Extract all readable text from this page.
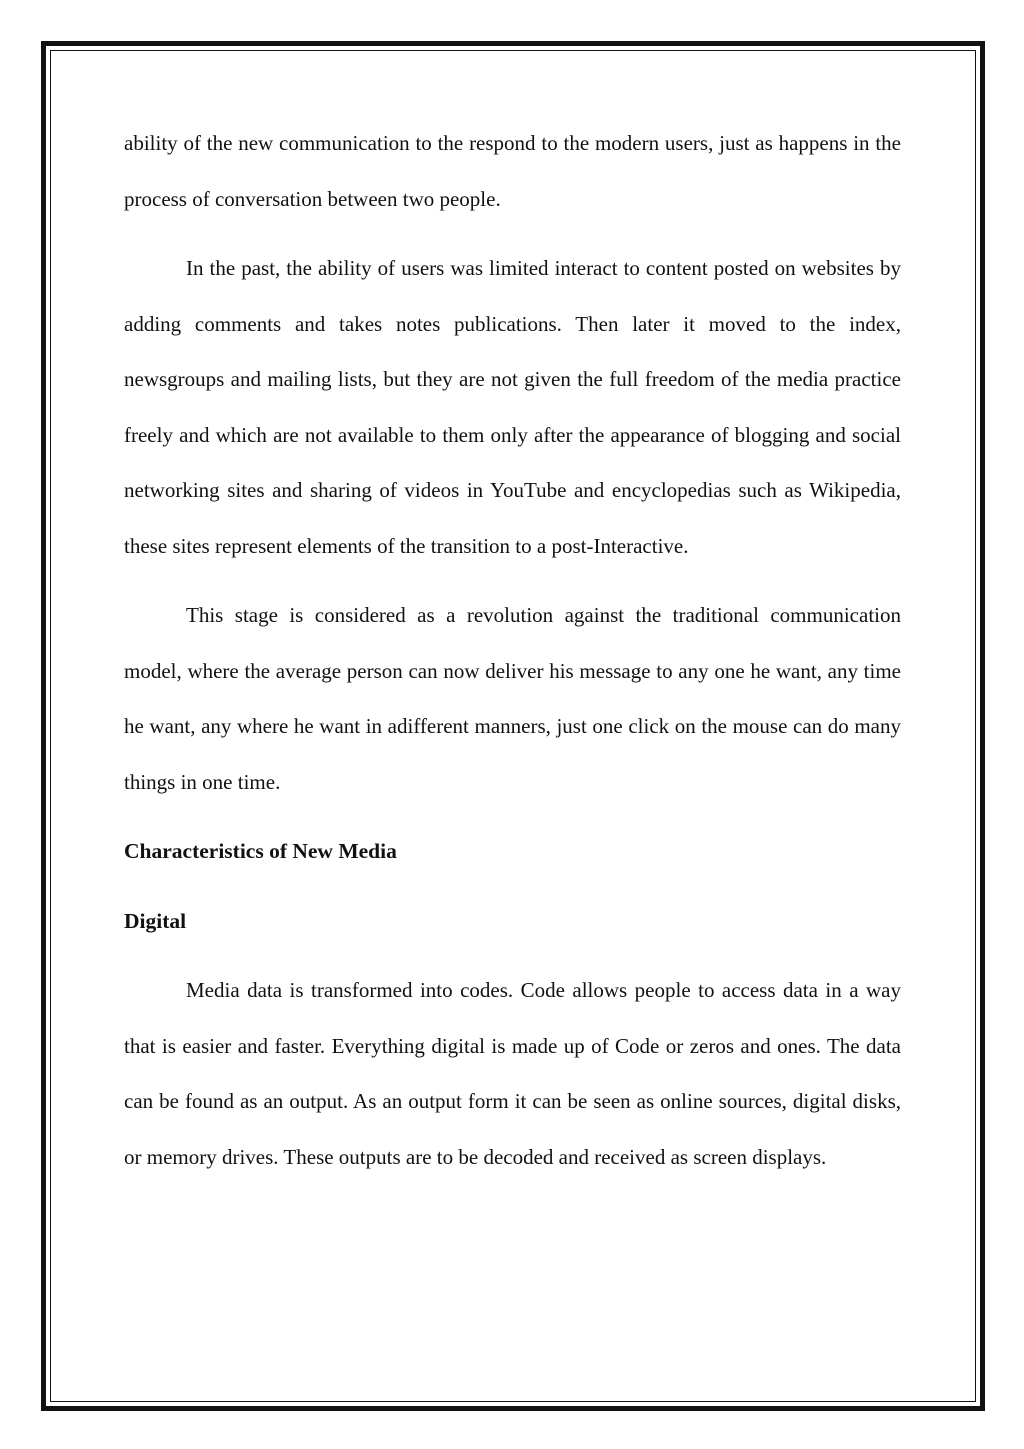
ability of the new communication to the respond to the modern users, just as happens in the process of conversation between two people.

In the past, the ability of users was limited interact to content posted on websites by adding comments and takes notes publications. Then later it moved to the index, newsgroups and mailing lists, but they are not given the full freedom of the media practice freely and which are not available to them only after the appearance of blogging and social networking sites and sharing of videos in YouTube and encyclopedias such as Wikipedia, these sites represent elements of the transition to a post-Interactive.

This stage is considered as a revolution against the traditional communication model, where the average person can now deliver his message to any one he want, any time he want, any where he want in adifferent manners, just one click on the mouse can do many things in one time.

Characteristics of New Media
Digital

Media data is transformed into codes. Code allows people to access data in a way that is easier and faster. Everything digital is made up of Code or zeros and ones. The data can be found as an output. As an output form it can be seen as online sources, digital disks, or memory drives. These outputs are to be decoded and received as screen displays.
